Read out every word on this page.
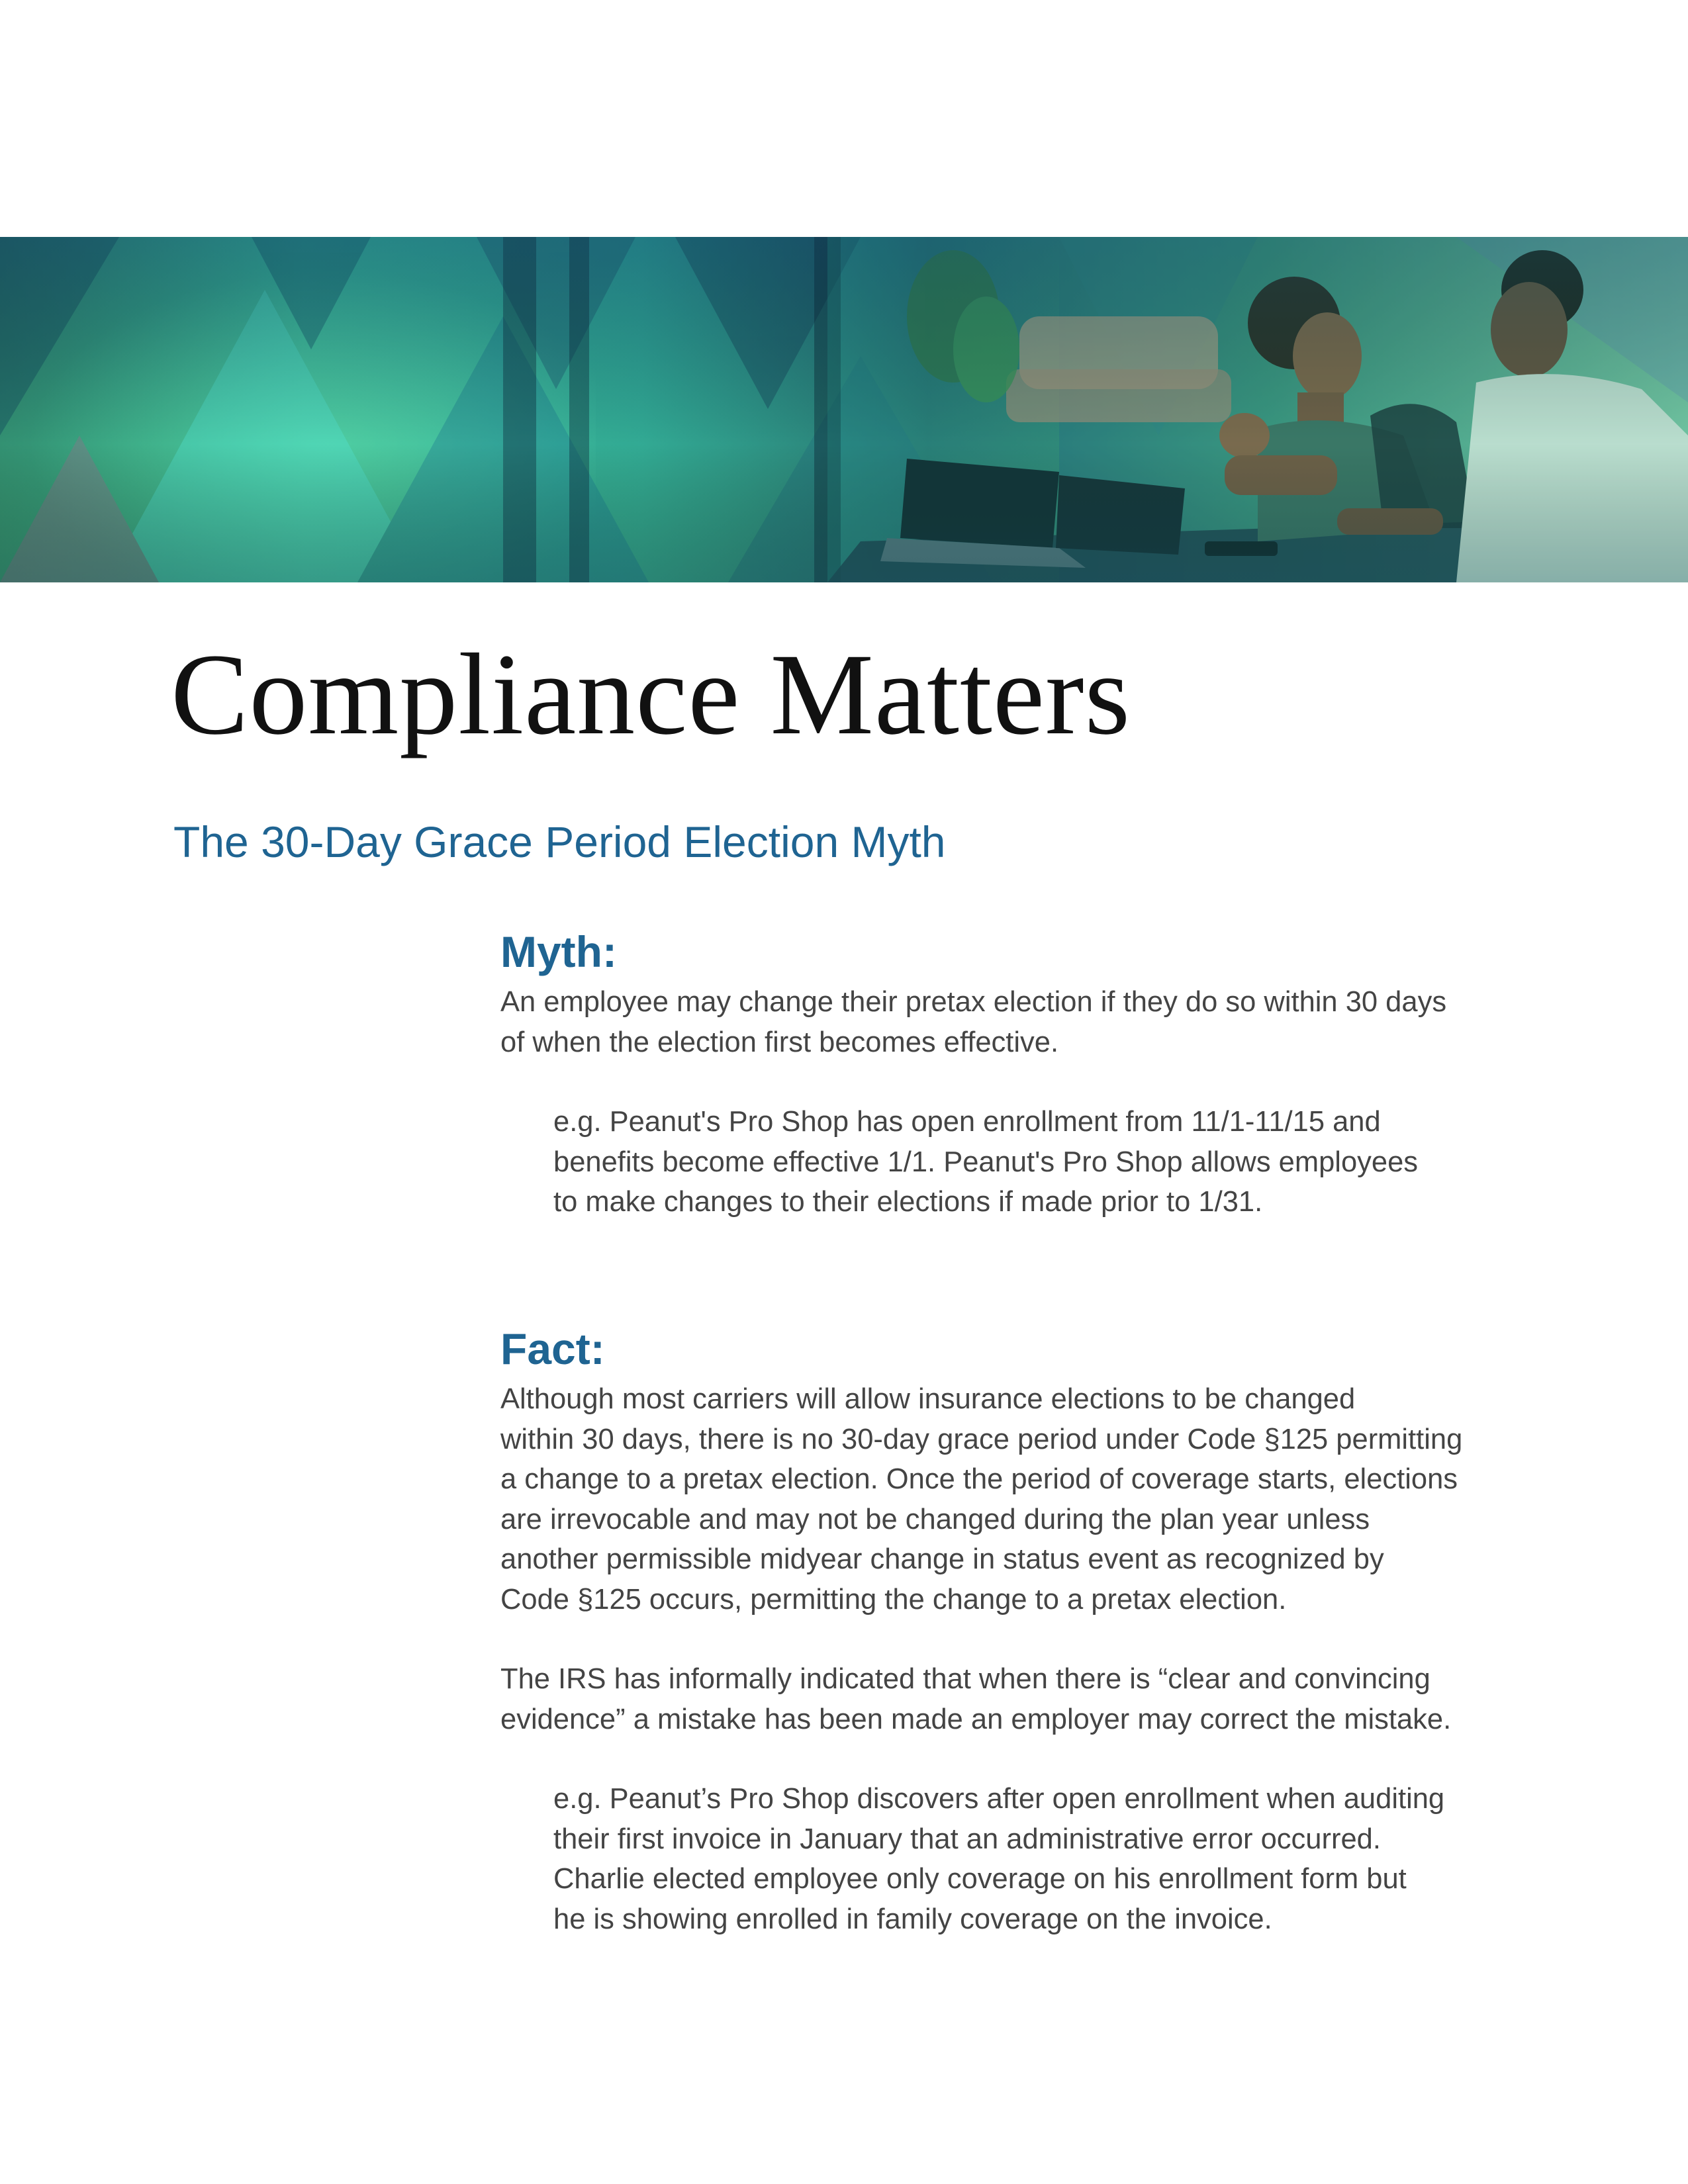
Compliance Matters
The 30-Day Grace Period Election Myth
Myth:

An employee may change their pretax election if they do so within 30 days
of when the election first becomes effective.

e.g. Peanut's Pro Shop has open enrollment from 11/1-11/15 and
benefits become effective 1/1. Peanut's Pro Shop allows employees
to make changes to their elections if made prior to 1/31.

Fact:

Although most carriers will allow insurance elections to be changed
within 30 days, there is no 30-day grace period under Code §125 permitting
a change to a pretax election. Once the period of coverage starts, elections
are irrevocable and may not be changed during the plan year unless
another permissible midyear change in status event as recognized by
Code §125 occurs, permitting the change to a pretax election.

The IRS has informally indicated that when there is “clear and convincing
evidence” a mistake has been made an employer may correct the mistake.

e.g. Peanut’s Pro Shop discovers after open enrollment when auditing
their first invoice in January that an administrative error occurred.
Charlie elected employee only coverage on his enrollment form but
he is showing enrolled in family coverage on the invoice.
